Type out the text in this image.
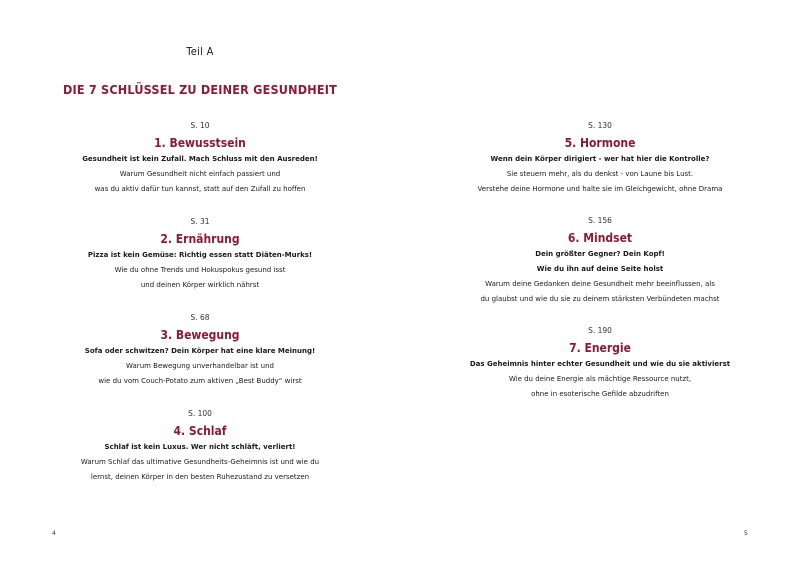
Teil A
DIE 7 SCHLÜSSEL ZU DEINER GESUNDHEIT
S. 10
1. Bewusstsein
Gesundheit ist kein Zufall. Mach Schluss mit den Ausreden!
Warum Gesundheit nicht einfach passiert und
was du aktiv dafür tun kannst, statt auf den Zufall zu hoffen
S. 31
2. Ernährung
Pizza ist kein Gemüse: Richtig essen statt Diäten-Murks!
Wie du ohne Trends und Hokuspokus gesund isst
und deinen Körper wirklich nährst
S. 68
3. Bewegung
Sofa oder schwitzen? Dein Körper hat eine klare Meinung!
Warum Bewegung unverhandelbar ist und
wie du vom Couch-Potato zum aktiven „Best Buddy“ wirst
S. 100
4. Schlaf
Schlaf ist kein Luxus. Wer nicht schläft, verliert!
Warum Schlaf das ultimative Gesundheits-Geheimnis ist und wie du
lernst, deinen Körper in den besten Ruhezustand zu versetzen
4
S. 130
5. Hormone
Wenn dein Körper dirigiert - wer hat hier die Kontrolle?
Sie steuern mehr, als du denkst - von Laune bis Lust.
Verstehe deine Hormone und halte sie im Gleichgewicht, ohne Drama
S. 156
6. Mindset
Dein größter Gegner? Dein Kopf!
Wie du ihn auf deine Seite holst
Warum deine Gedanken deine Gesundheit mehr beeinflussen, als
du glaubst und wie du sie zu deinem stärksten Verbündeten machst
S. 190
7. Energie
Das Geheimnis hinter echter Gesundheit und wie du sie aktivierst
Wie du deine Energie als mächtige Ressource nutzt,
ohne in esoterische Gefilde abzudriften
5
